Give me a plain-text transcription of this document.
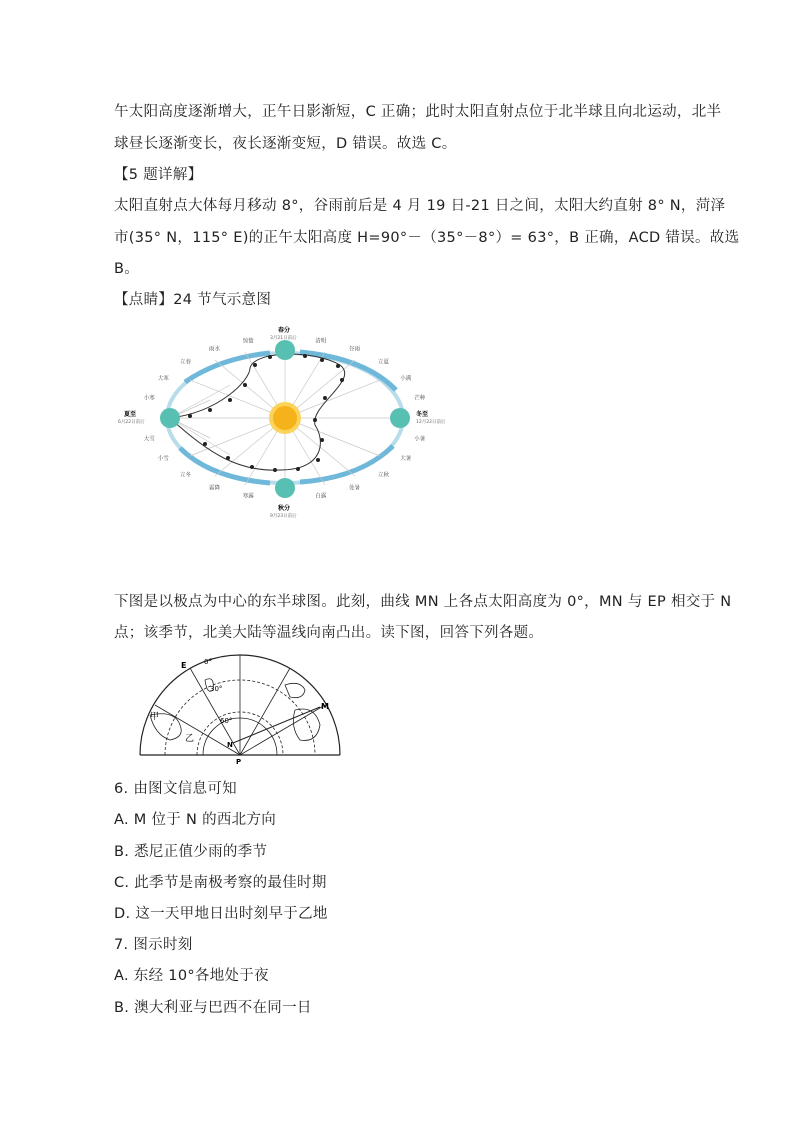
午太阳高度逐渐增大，正午日影渐短，C 正确；此时太阳直射点位于北半球且向北运动，北半
球昼长逐渐变长，夜长逐渐变短，D 错误。故选 C。
【5 题详解】
太阳直射点大体每月移动 8°，谷雨前后是 4 月 19 日-21 日之间，太阳大约直射 8° N，菏泽
市(35° N，115° E)的正午太阳高度 H=90°－（35°－8°）= 63°，B 正确，ACD 错误。故选
B。
【点睛】24 节气示意图
春分
3月21日前后
夏至
6月22日前后
冬至
12月22日前后
秋分
9月23日前后
清明
谷雨
立夏
小满
芒种
小暑
大暑
立秋
处暑
白露
寒露
霜降
立冬
小雪
大雪
小寒
大寒
立春
雨水
惊蛰
下图是以极点为中心的东半球图。此刻，曲线 MN 上各点太阳高度为 0°，MN 与 EP 相交于 N
点；该季节，北美大陆等温线向南凸出。读下图，回答下列各题。
E	0°
30°
60°
M
N
P
甲
乙
6. 由图文信息可知
A. M 位于 N 的西北方向
B. 悉尼正值少雨的季节
C. 此季节是南极考察的最佳时期
D. 这一天甲地日出时刻早于乙地
7. 图示时刻
A. 东经 10°各地处于夜
B. 澳大利亚与巴西不在同一日
